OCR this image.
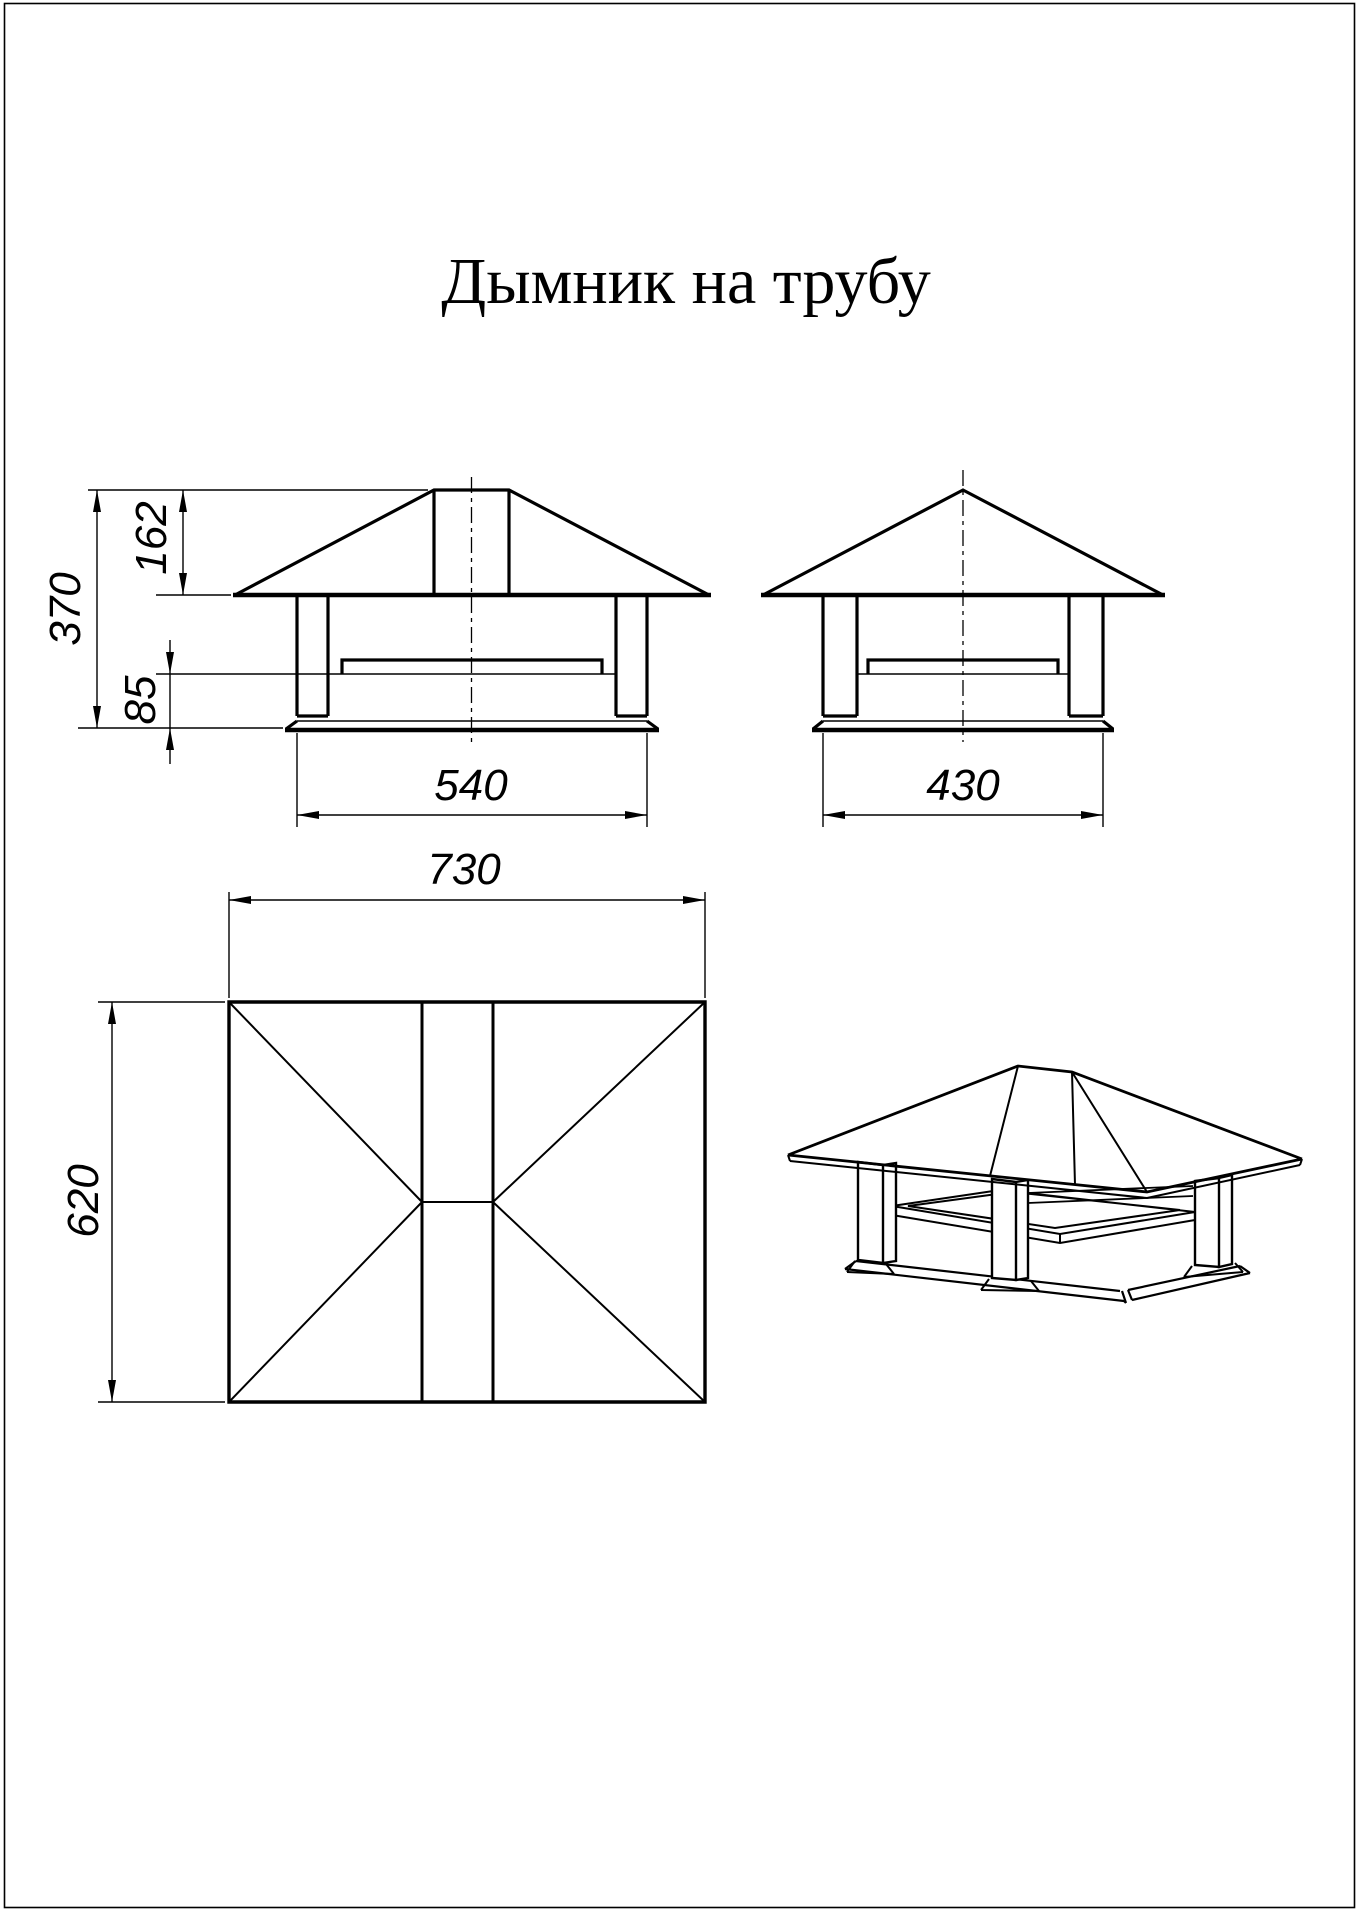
Дымник на трубу
370
162
85
540	430
730
620
